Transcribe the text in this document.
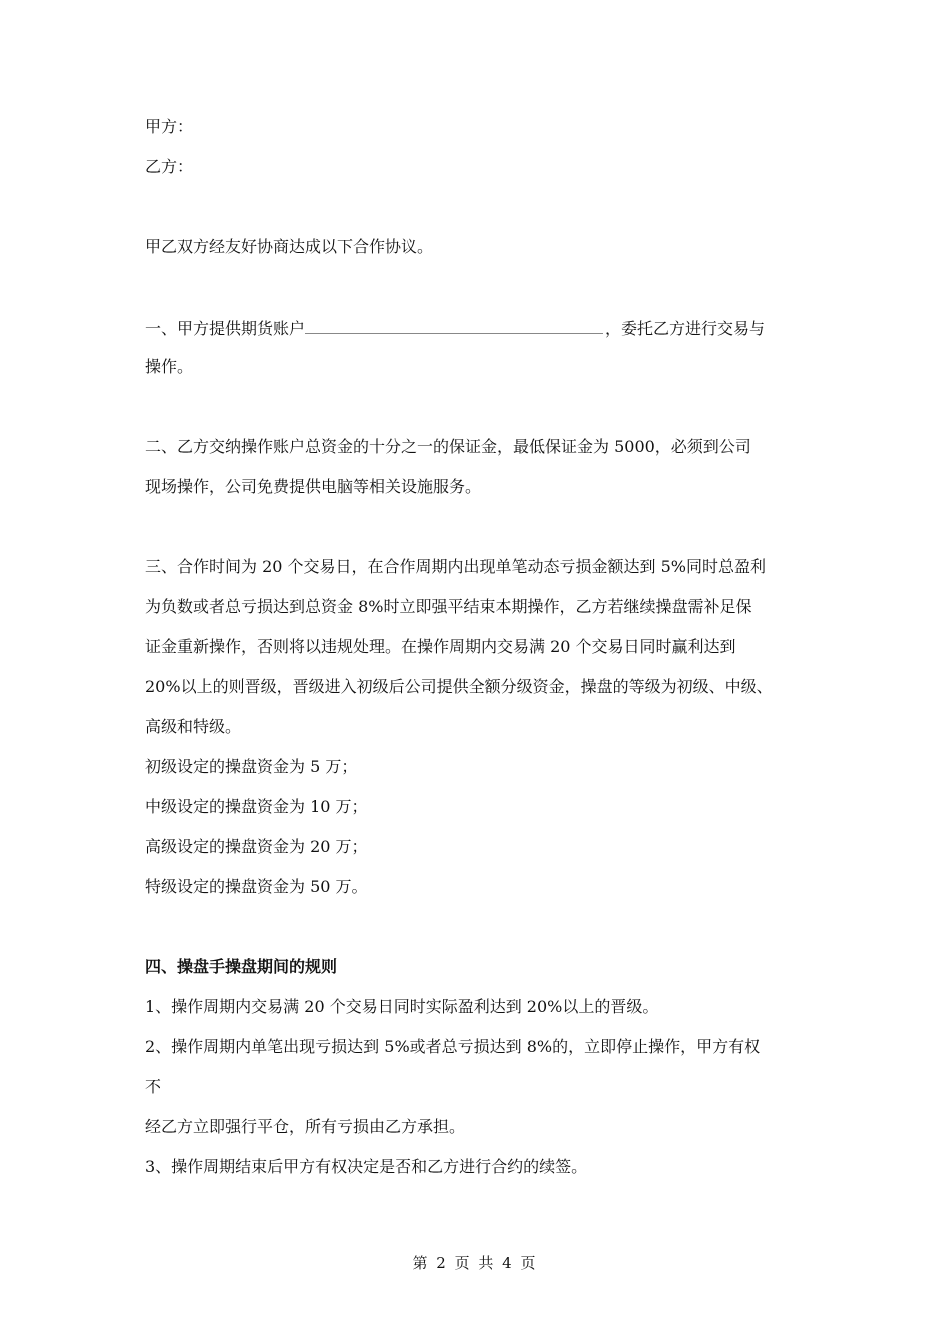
甲方：
乙方：
甲乙双方经友好协商达成以下合作协议。
一、甲方提供期货账户	，委托乙方进行交易与
操作。
二、乙方交纳操作账户总资金的十分之一的保证金，最低保证金为 5000，必须到公司
现场操作，公司免费提供电脑等相关设施服务。
三、合作时间为 20 个交易日，在合作周期内出现单笔动态亏损金额达到 5%同时总盈利
为负数或者总亏损达到总资金 8%时立即强平结束本期操作，乙方若继续操盘需补足保
证金重新操作，否则将以违规处理。在操作周期内交易满 20 个交易日同时赢利达到
20%以上的则晋级，晋级进入初级后公司提供全额分级资金，操盘的等级为初级、中级、
高级和特级。
初级设定的操盘资金为 5 万；
中级设定的操盘资金为 10 万；
高级设定的操盘资金为 20 万；
特级设定的操盘资金为 50 万。
四、操盘手操盘期间的规则
1、操作周期内交易满 20 个交易日同时实际盈利达到 20%以上的晋级。
2、操作周期内单笔出现亏损达到 5%或者总亏损达到 8%的，立即停止操作，甲方有权
不
经乙方立即强行平仓，所有亏损由乙方承担。
3、操作周期结束后甲方有权决定是否和乙方进行合约的续签。
第 2 页 共 4 页
